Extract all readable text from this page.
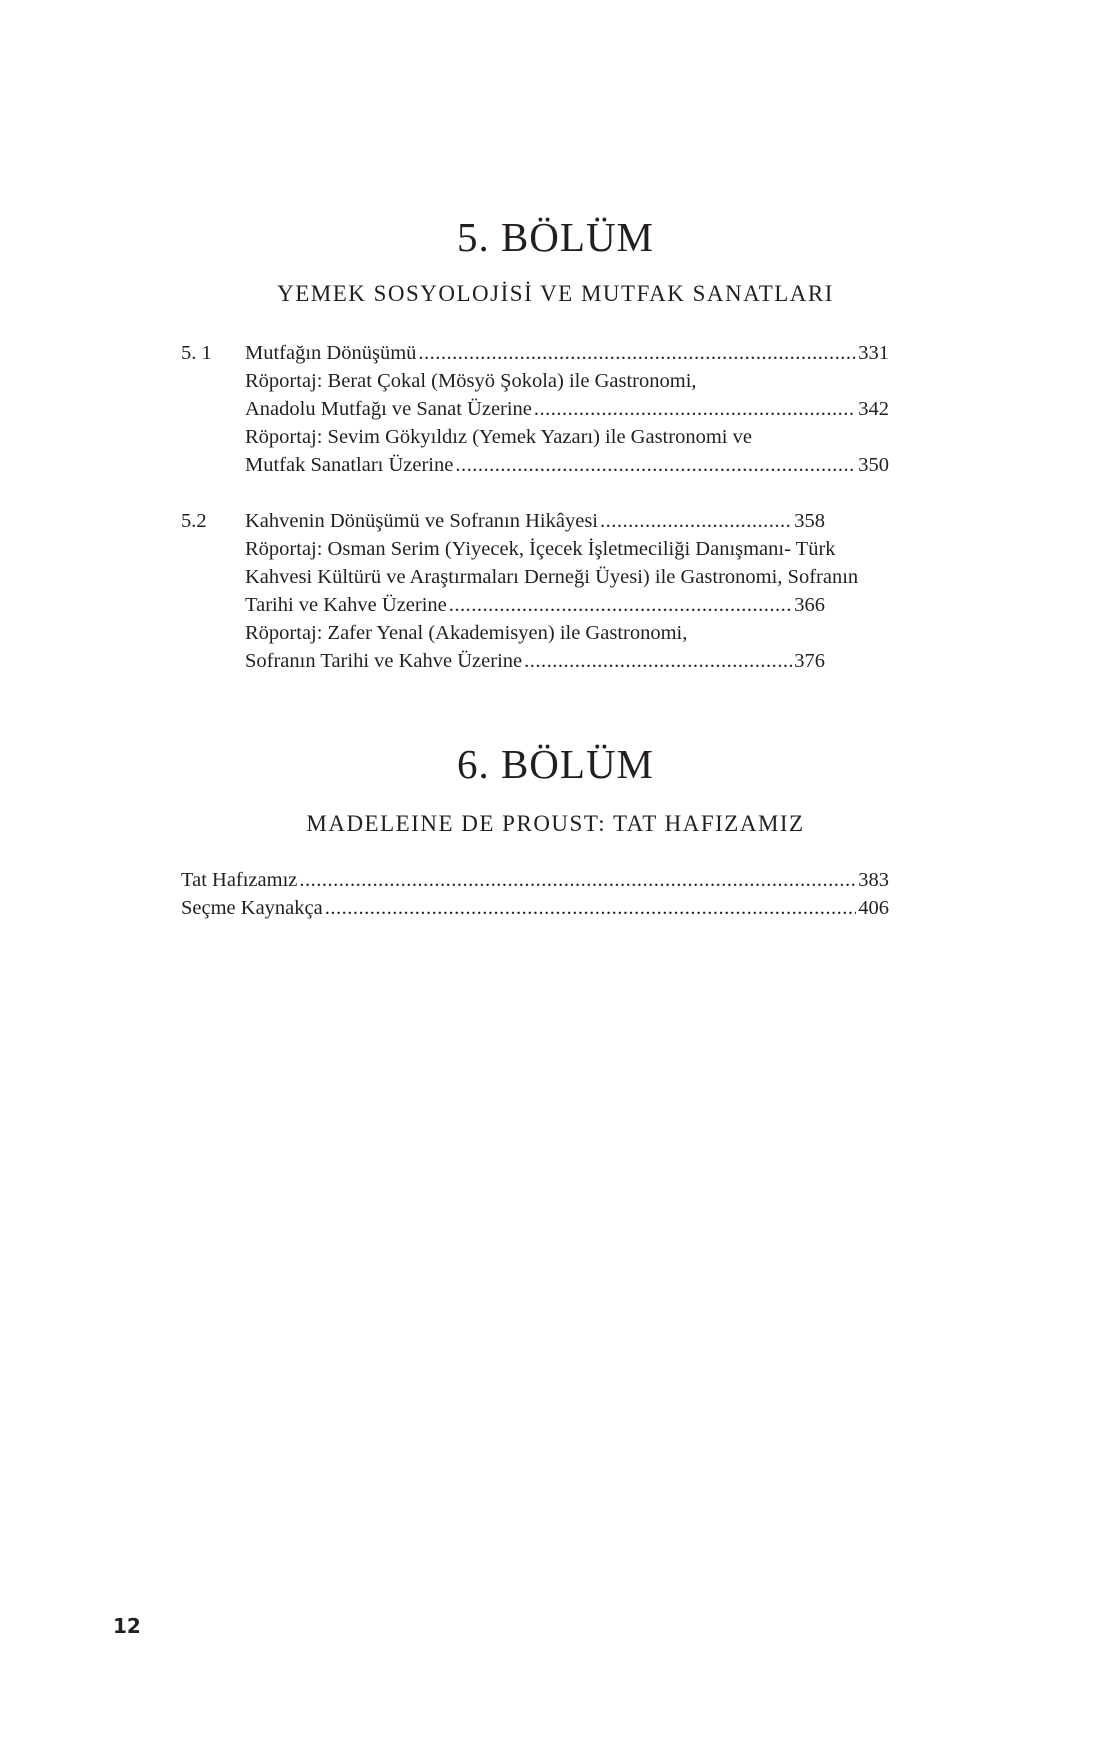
5. BÖLÜM
YEMEK SOSYOLOJİSİ VE MUTFAK SANATLARI
5. 1	Mutfağın Dönüşümü .....	331
Röportaj: Berat Çokal (Mösyö Şokola) ile Gastronomi,
Anadolu Mutfağı ve Sanat Üzerine .....	342
Röportaj: Sevim Gökyıldız (Yemek Yazarı) ile Gastronomi ve
Mutfak Sanatları Üzerine .....	350
5.2	Kahvenin Dönüşümü ve Sofranın Hikâyesi .....	358
Röportaj: Osman Serim (Yiyecek, İçecek İşletmeciliği Danışmanı- Türk
Kahvesi Kültürü ve Araştırmaları Derneği Üyesi) ile Gastronomi, Sofranın
Tarihi ve Kahve Üzerine .....	366
Röportaj: Zafer Yenal (Akademisyen) ile Gastronomi,
Sofranın Tarihi ve Kahve Üzerine .....	376
6. BÖLÜM
MADELEINE DE PROUST: TAT HAFIZAMIZ
Tat Hafızamız .....	383
Seçme Kaynakça .....	406

12
